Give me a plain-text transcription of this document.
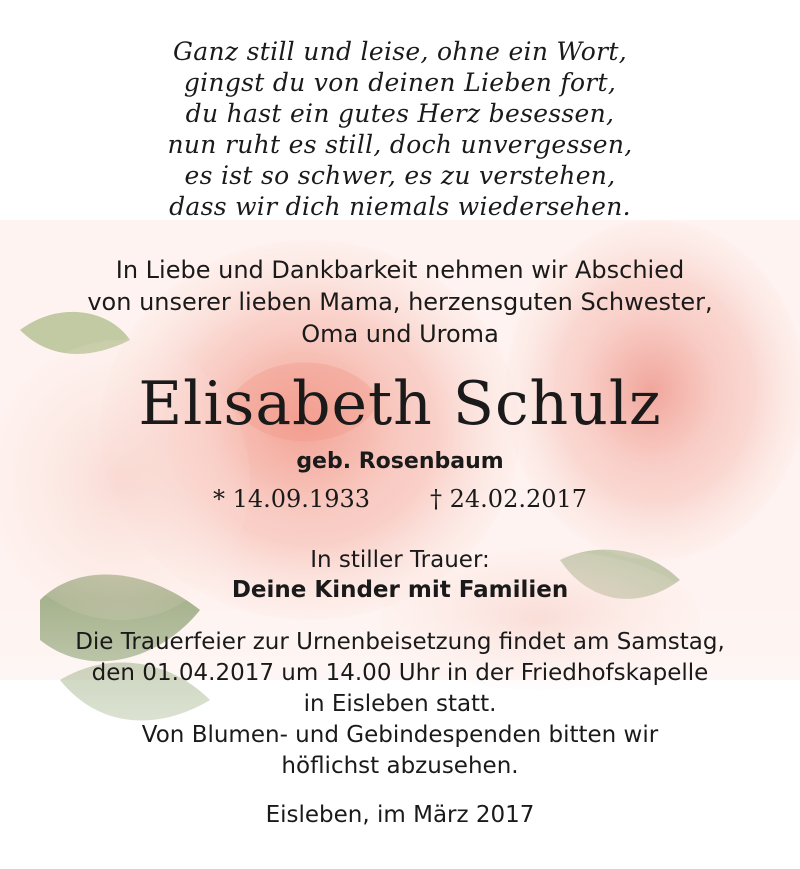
Ganz still und leise, ohne ein Wort,
gingst du von deinen Lieben fort,
du hast ein gutes Herz besessen,
nun ruht es still, doch unvergessen,
es ist so schwer, es zu verstehen,
dass wir dich niemals wiedersehen.
In Liebe und Dankbarkeit nehmen wir Abschied
von unserer lieben Mama, herzensguten Schwester,
Oma und Uroma
Elisabeth Schulz
geb. Rosenbaum
* 14.09.1933	† 24.02.2017
In stiller Trauer:
Deine Kinder mit Familien
Die Trauerfeier zur Urnenbeisetzung findet am Samstag,
den 01.04.2017 um 14.00 Uhr in der Friedhofskapelle
in Eisleben statt.
Von Blumen- und Gebindespenden bitten wir
höflichst abzusehen.
Eisleben, im März 2017
